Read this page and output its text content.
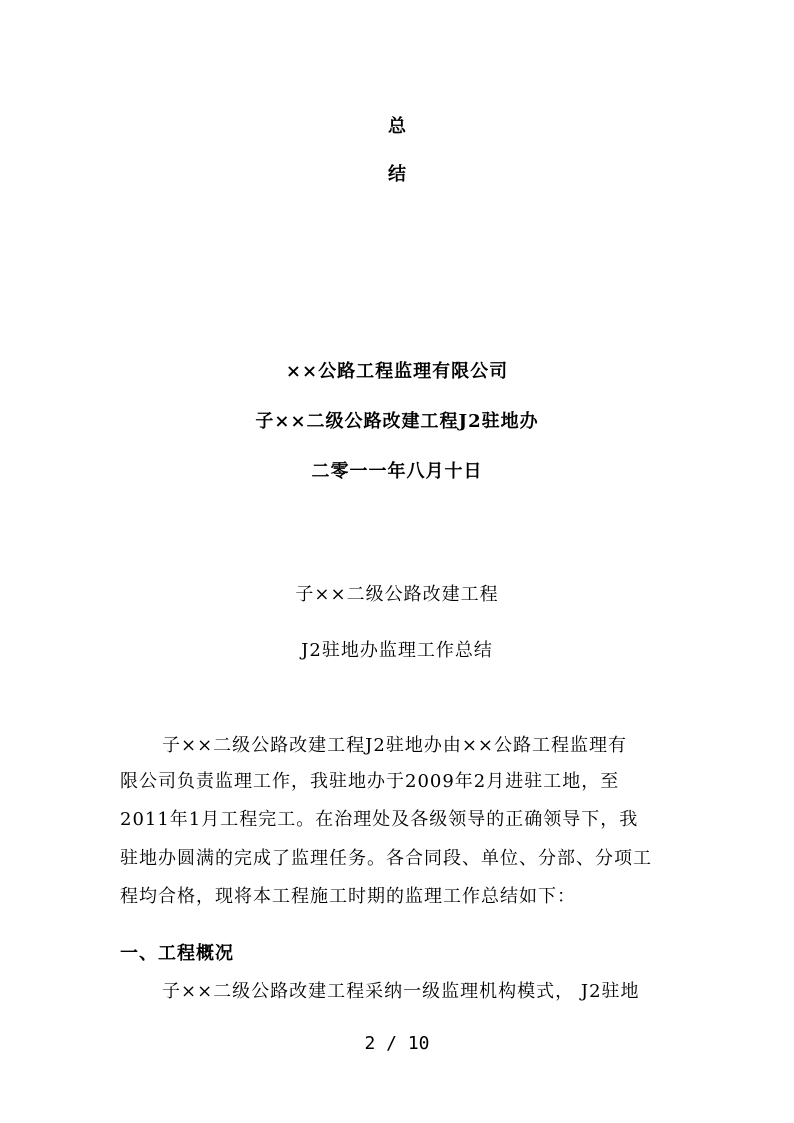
总
结
××公路工程监理有限公司
子××二级公路改建工程J2驻地办
二零一一年八月十日
子××二级公路改建工程
J2驻地办监理工作总结
子××二级公路改建工程J2驻地办由××公路工程监理有
限公司负责监理工作，我驻地办于2009年2月进驻工地，至
2011年1月工程完工。在治理处及各级领导的正确领导下，我
驻地办圆满的完成了监理任务。各合同段、单位、分部、分项工
程均合格，现将本工程施工时期的监理工作总结如下：
一、工程概况
子××二级公路改建工程采纳一级监理机构模式， J2驻地
2 / 10
